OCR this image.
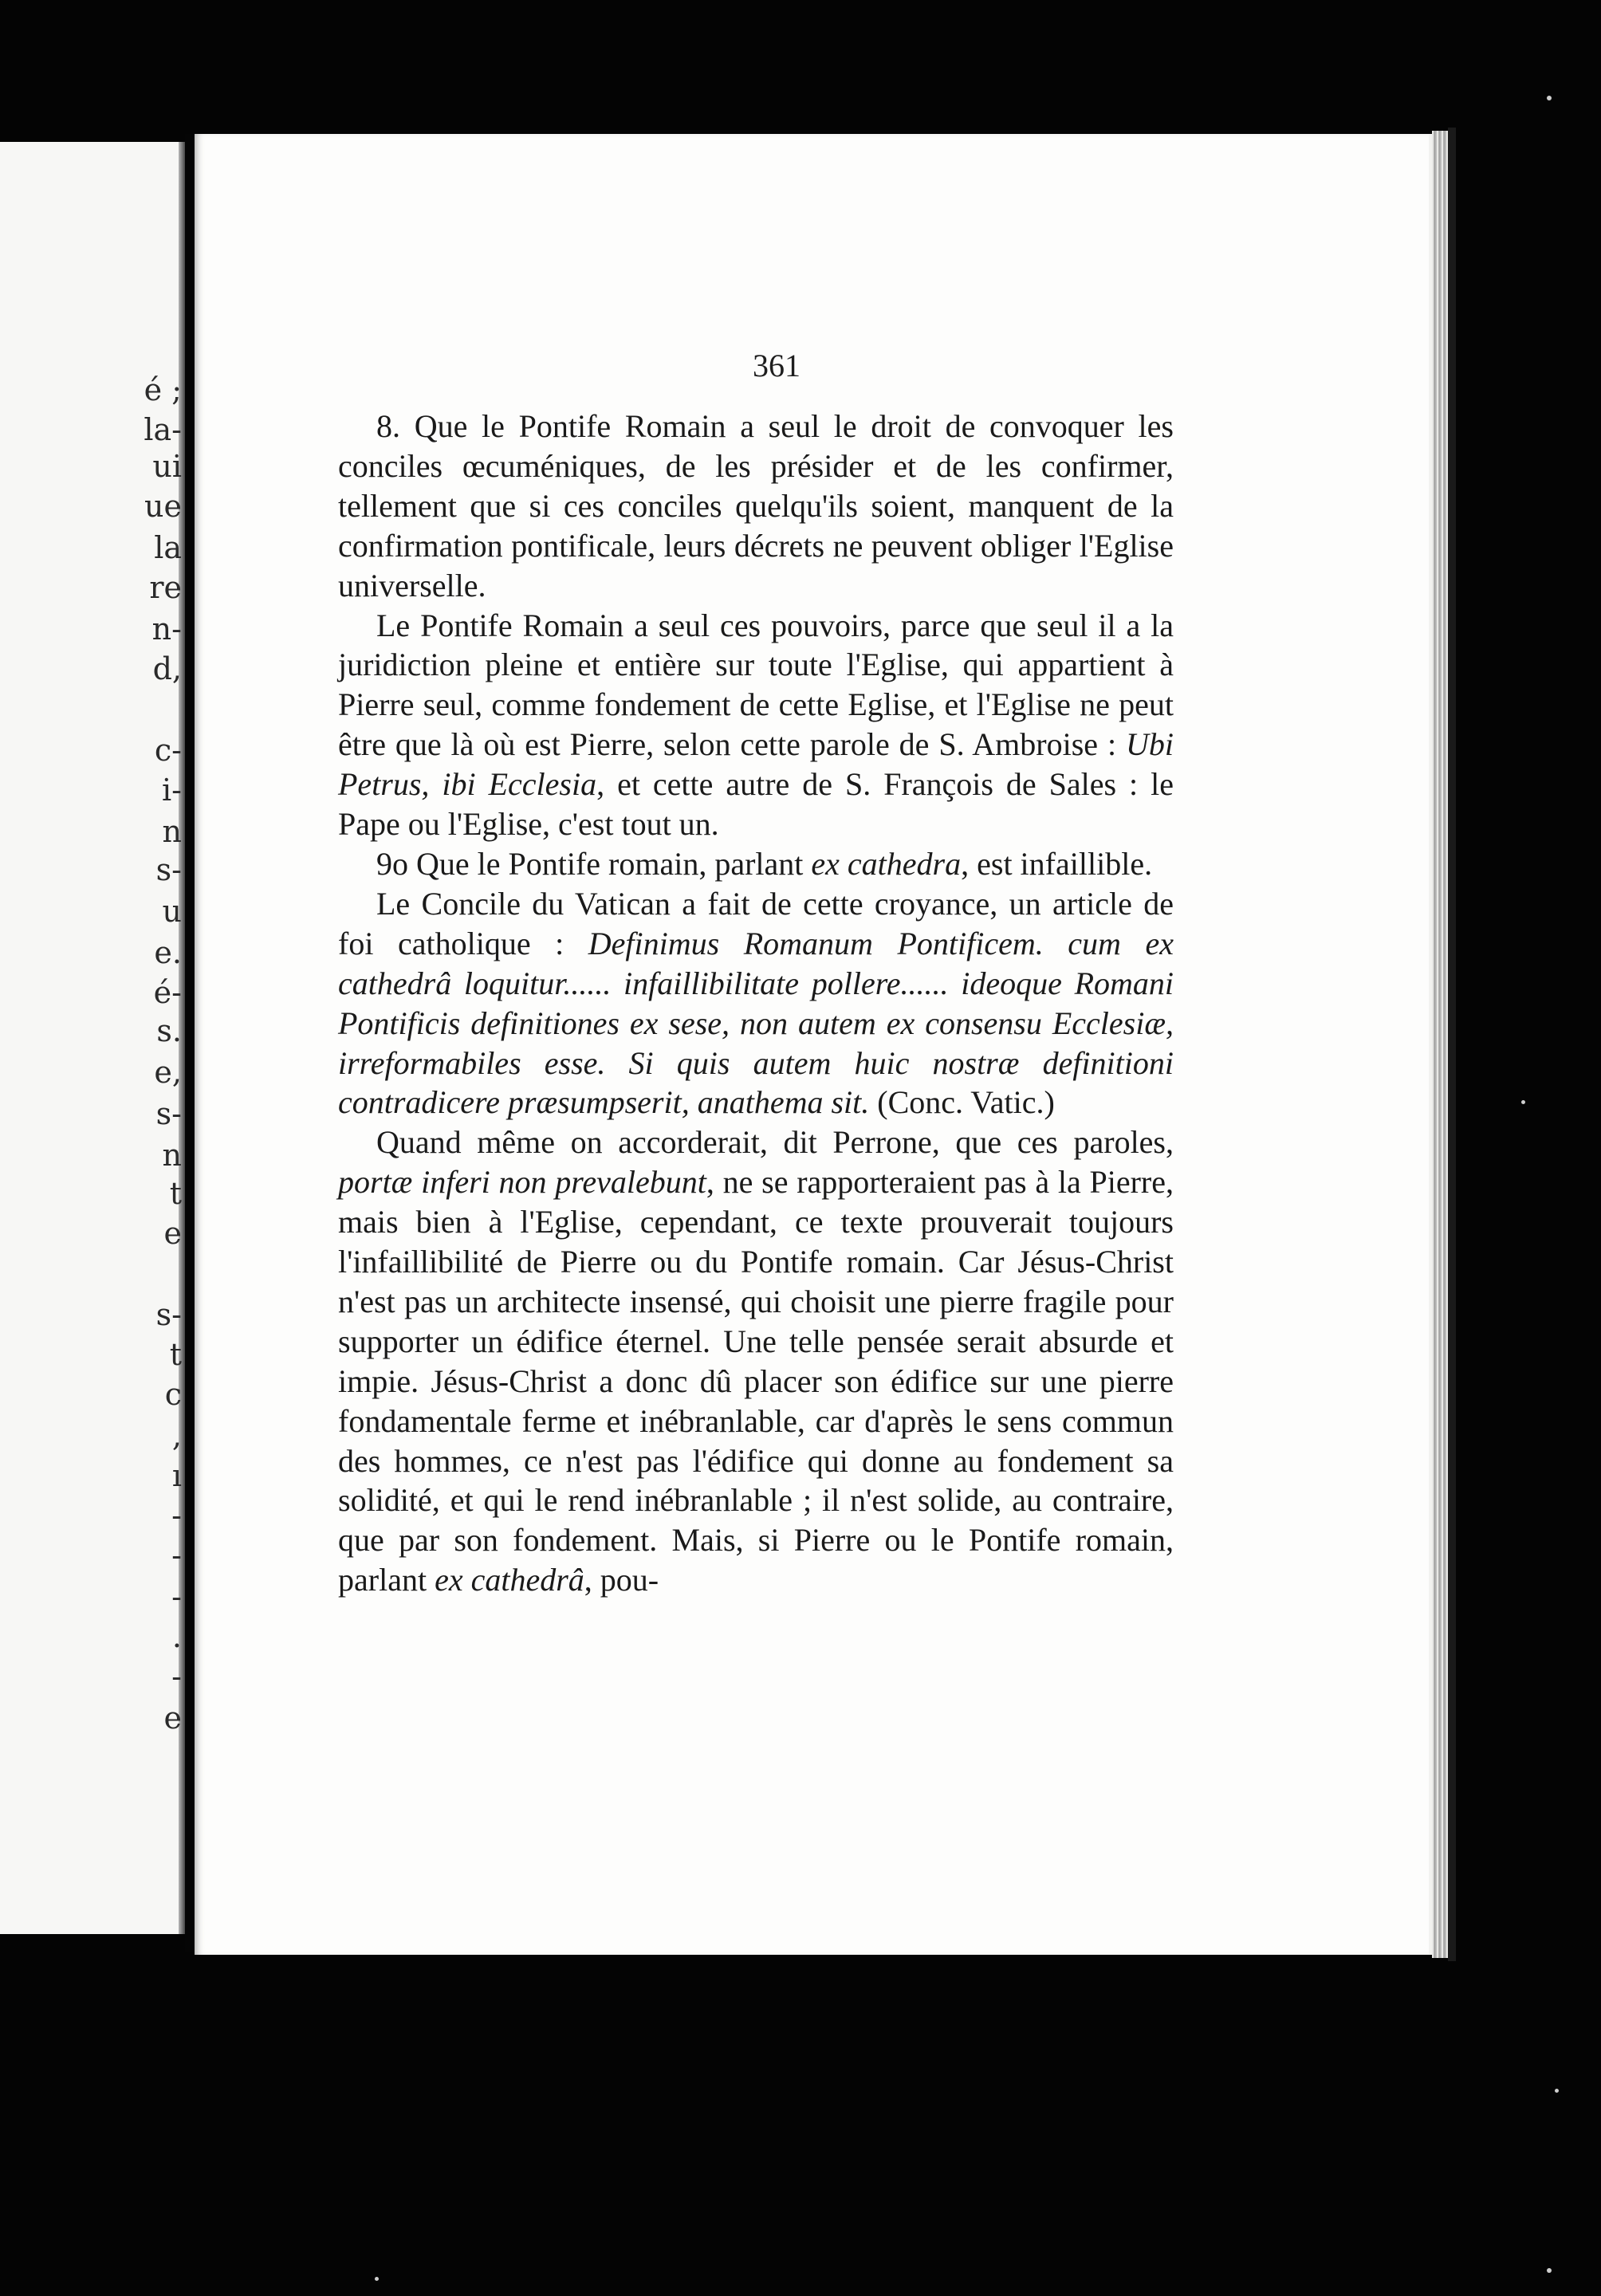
é ;
la-
ui
ue
la
re
n-
d,
c-
i-
n
s-
u
e.
é-
s.
e,
s-
n
t
e
s-
t
c
,
ı
-
-
-
.
-
e

361

8. Que le Pontife Romain a seul le droit de convoquer les conciles œcuméniques, de les présider et de les confirmer, tellement que si ces conciles quelqu'ils soient, manquent de la confirmation pontificale, leurs décrets ne peuvent obliger l'Eglise universelle.

Le Pontife Romain a seul ces pouvoirs, parce que seul il a la juridiction pleine et entière sur toute l'Eglise, qui appartient à Pierre seul, comme fondement de cette Eglise, et l'Eglise ne peut être que là où est Pierre, selon cette parole de S. Ambroise : Ubi Petrus, ibi Ecclesia, et cette autre de S. François de Sales : le Pape ou l'Eglise, c'est tout un.

9o Que le Pontife romain, parlant ex cathedra, est infaillible.

Le Concile du Vatican a fait de cette croyance, un article de foi catholique : Definimus Romanum Pontificem. cum ex cathedrâ loquitur...... infaillibilitate pollere...... ideoque Romani Pontificis definitiones ex sese, non autem ex consensu Ecclesiæ, irreformabiles esse. Si quis autem huic nostræ definitioni contradicere præsumpserit, anathema sit. (Conc. Vatic.)

Quand même on accorderait, dit Perrone, que ces paroles, portæ inferi non prevalebunt, ne se rapporteraient pas à la Pierre, mais bien à l'Eglise, cependant, ce texte prouverait toujours l'infaillibilité de Pierre ou du Pontife romain. Car Jésus-Christ n'est pas un architecte insensé, qui choisit une pierre fragile pour supporter un édifice éternel. Une telle pensée serait absurde et impie. Jésus-Christ a donc dû placer son édifice sur une pierre fondamentale ferme et inébranlable, car d'après le sens commun des hommes, ce n'est pas l'édifice qui donne au fondement sa solidité, et qui le rend inébranlable ; il n'est solide, au contraire, que par son fondement. Mais, si Pierre ou le Pontife romain, parlant ex cathedrâ, pou-
